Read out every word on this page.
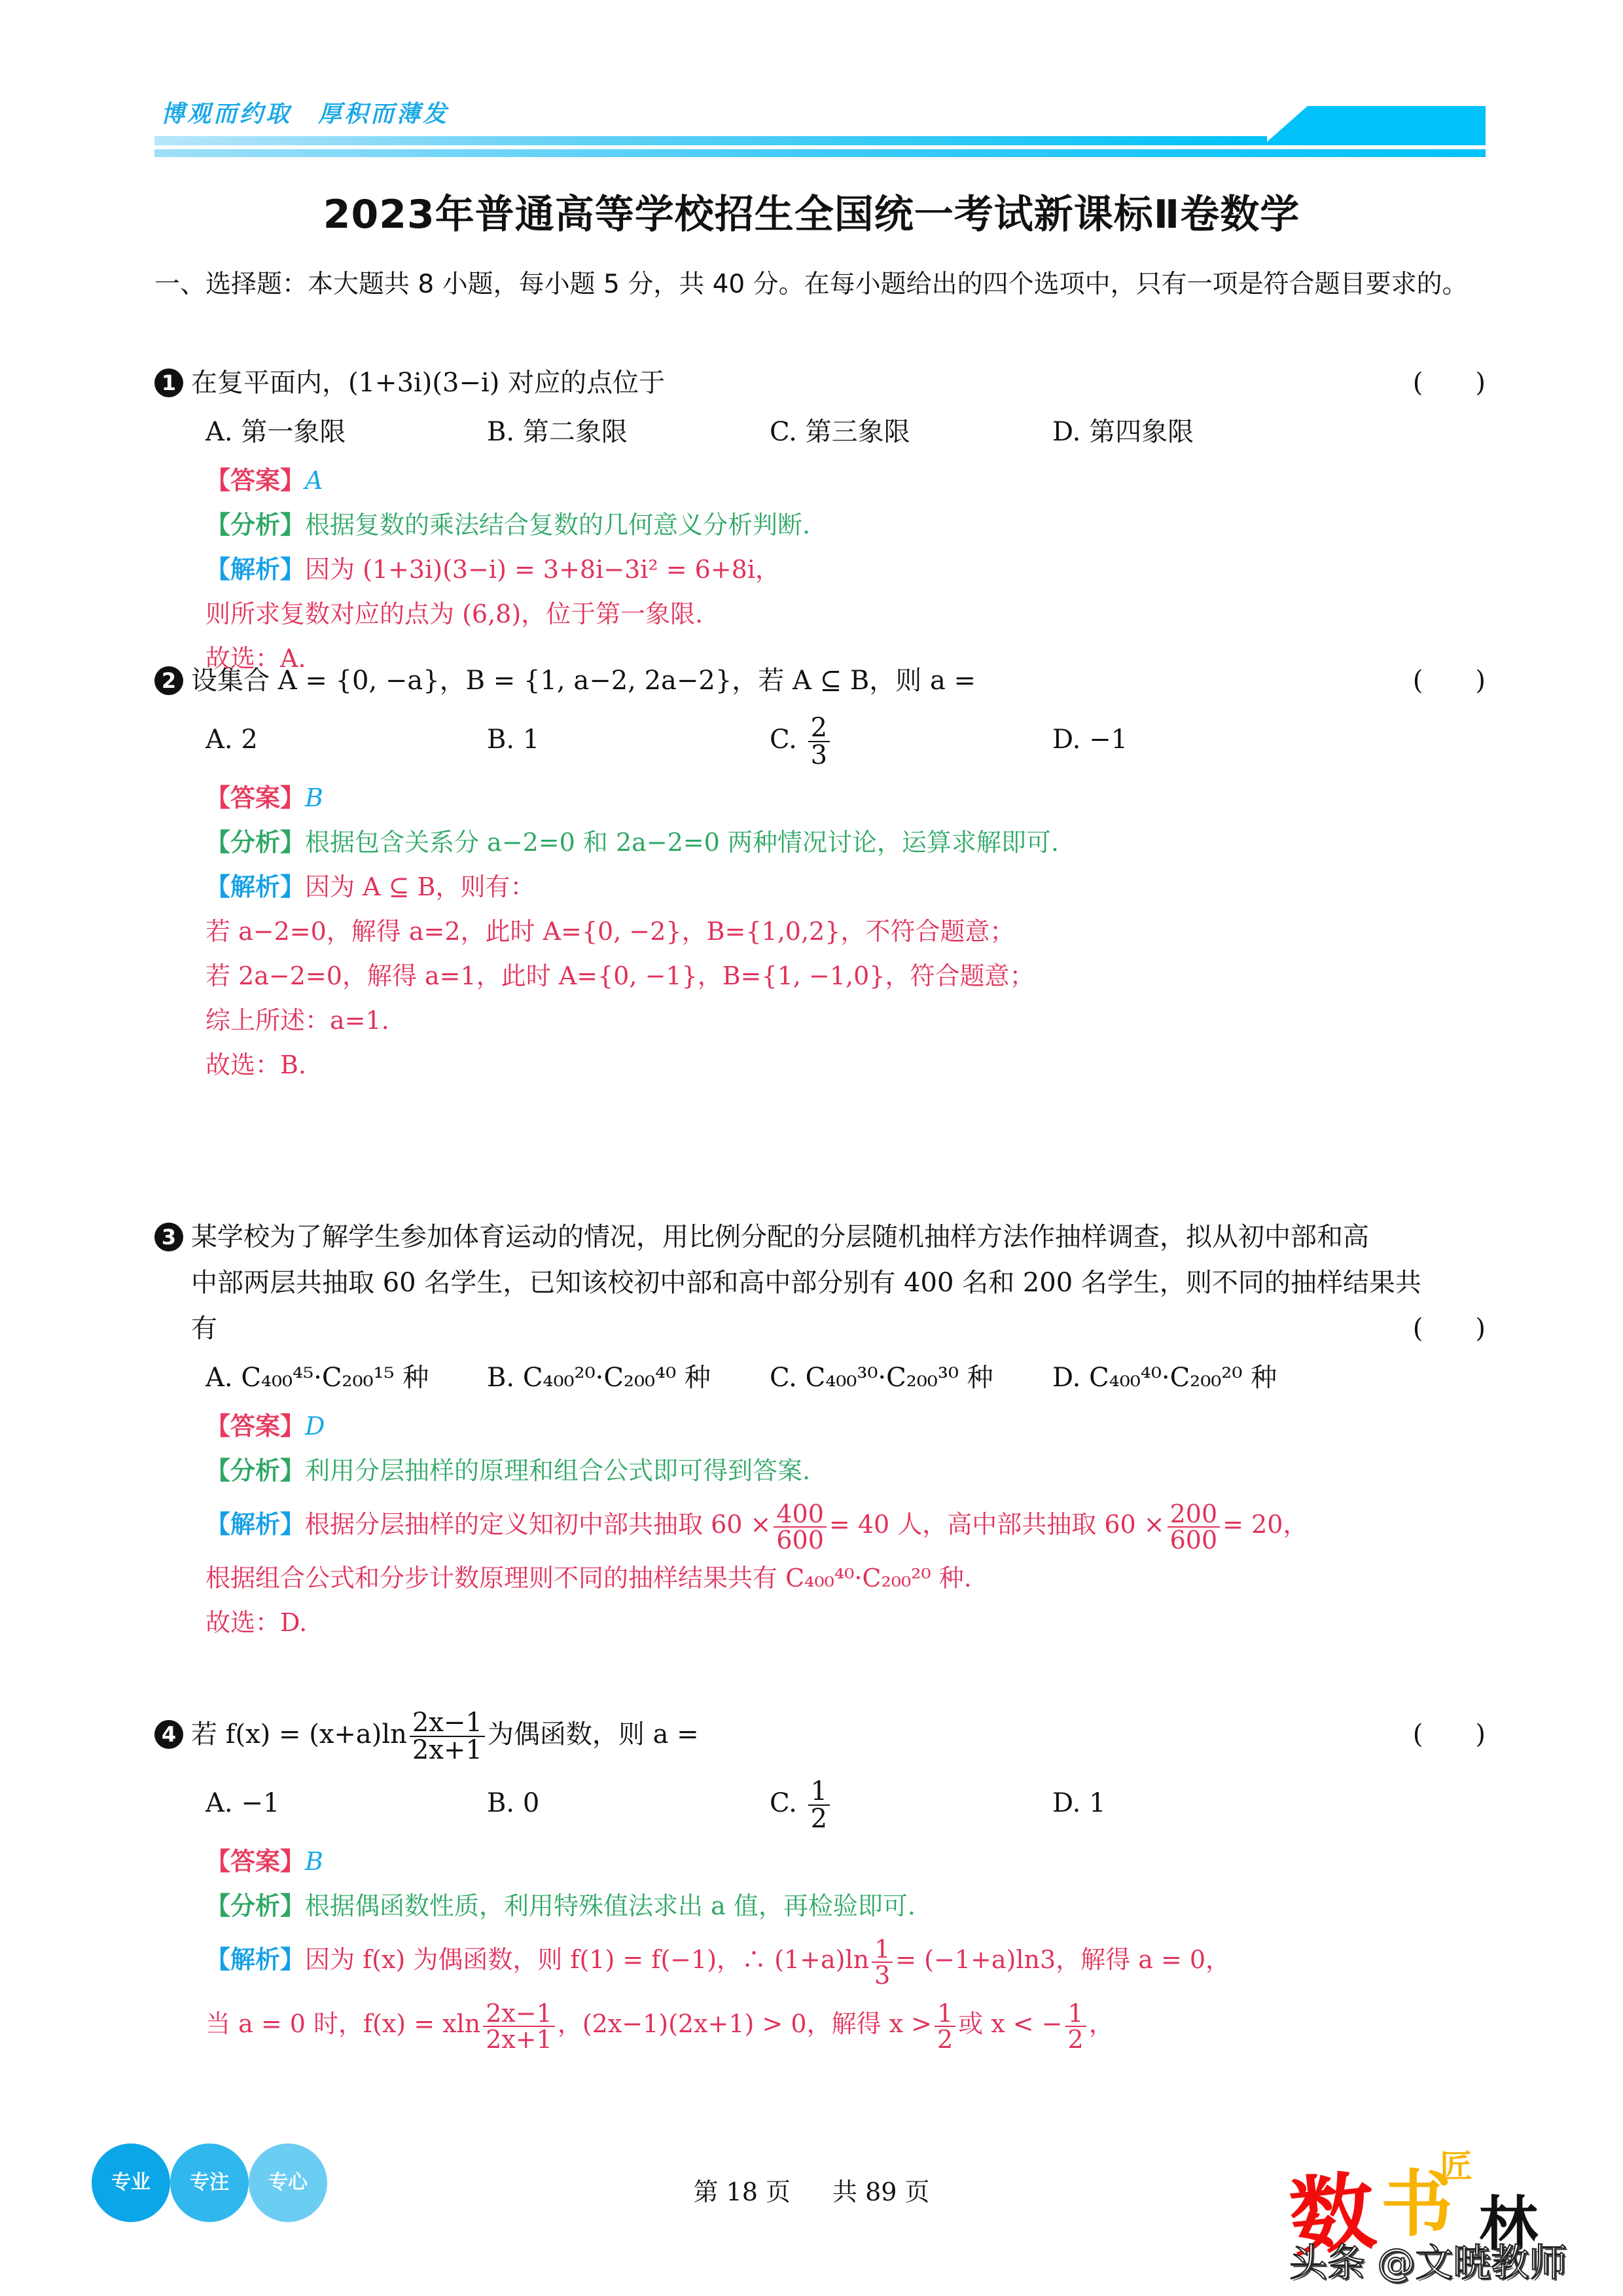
博观而约取　厚积而薄发
2023年普通高等学校招生全国统一考试新课标Ⅱ卷数学
一、选择题：本大题共 8 小题，每小题 5 分，共 40 分。在每小题给出的四个选项中，只有一项是符合题目要求的。
1 在复平面内，(1+3i)(3−i) 对应的点位于	(　　)
A. 第一象限	B. 第二象限	C. 第三象限	D. 第四象限
【答案】A
【分析】根据复数的乘法结合复数的几何意义分析判断.
【解析】因为 (1+3i)(3−i) = 3+8i−3i² = 6+8i，
则所求复数对应的点为 (6,8)，位于第一象限.
故选：A.
2 设集合 A = {0, −a}，B = {1, a−2, 2a−2}，若 A ⊆ B，则 a =	(　　)
A. 2	B. 1	C. $\frac{2}{3}$	D. −1
【答案】B
【分析】根据包含关系分 a−2=0 和 2a−2=0 两种情况讨论，运算求解即可.
【解析】因为 A ⊆ B，则有：
若 a−2=0，解得 a=2，此时 A={0, −2}，B={1,0,2}，不符合题意；
若 2a−2=0，解得 a=1，此时 A={0, −1}，B={1, −1,0}，符合题意；
综上所述：a=1.
故选：B.
3 某学校为了解学生参加体育运动的情况，用比例分配的分层随机抽样方法作抽样调查，拟从初中部和高
中部两层共抽取 60 名学生，已知该校初中部和高中部分别有 400 名和 200 名学生，则不同的抽样结果共
有	(　　)
A. C₄₀₀⁴⁵·C₂₀₀¹⁵ 种 B. C₄₀₀²⁰·C₂₀₀⁴⁰ 种 C. C₄₀₀³⁰·C₂₀₀³⁰ 种 D. C₄₀₀⁴⁰·C₂₀₀²⁰ 种
【答案】D
【分析】利用分层抽样的原理和组合公式即可得到答案.
【解析】根据分层抽样的定义知初中部共抽取 $60 \times \frac{400}{600} = 40$ 人，高中部共抽取 $60 \times \frac{200}{600} = 20$，
根据组合公式和分步计数原理则不同的抽样结果共有 C₄₀₀⁴⁰·C₂₀₀²⁰ 种.
故选：D.
4 若 $f(x) = (x+a)\ln \frac{2x-1}{2x+1}$ 为偶函数，则 a =	(　　)
A. −1	B. 0	C. $\frac{1}{2}$	D. 1
【答案】B
【分析】根据偶函数性质，利用特殊值法求出 a 值，再检验即可.
【解析】因为 f(x) 为偶函数，则 f(1) = f(−1)，∴ $(1+a)\ln \frac{1}{3} = (-1+a)\ln 3$，解得 a = 0，
当 a = 0 时，f(x) = xln $\frac{2x-1}{2x+1}$ ，(2x−1)(2x+1) > 0，解得 $x > \frac{1}{2}$ 或 x < − $\frac{1}{2}$ ，
专业	专注	专心	第 18 页 共 89 页	数 书
匠
林
头条 @文暁教师
